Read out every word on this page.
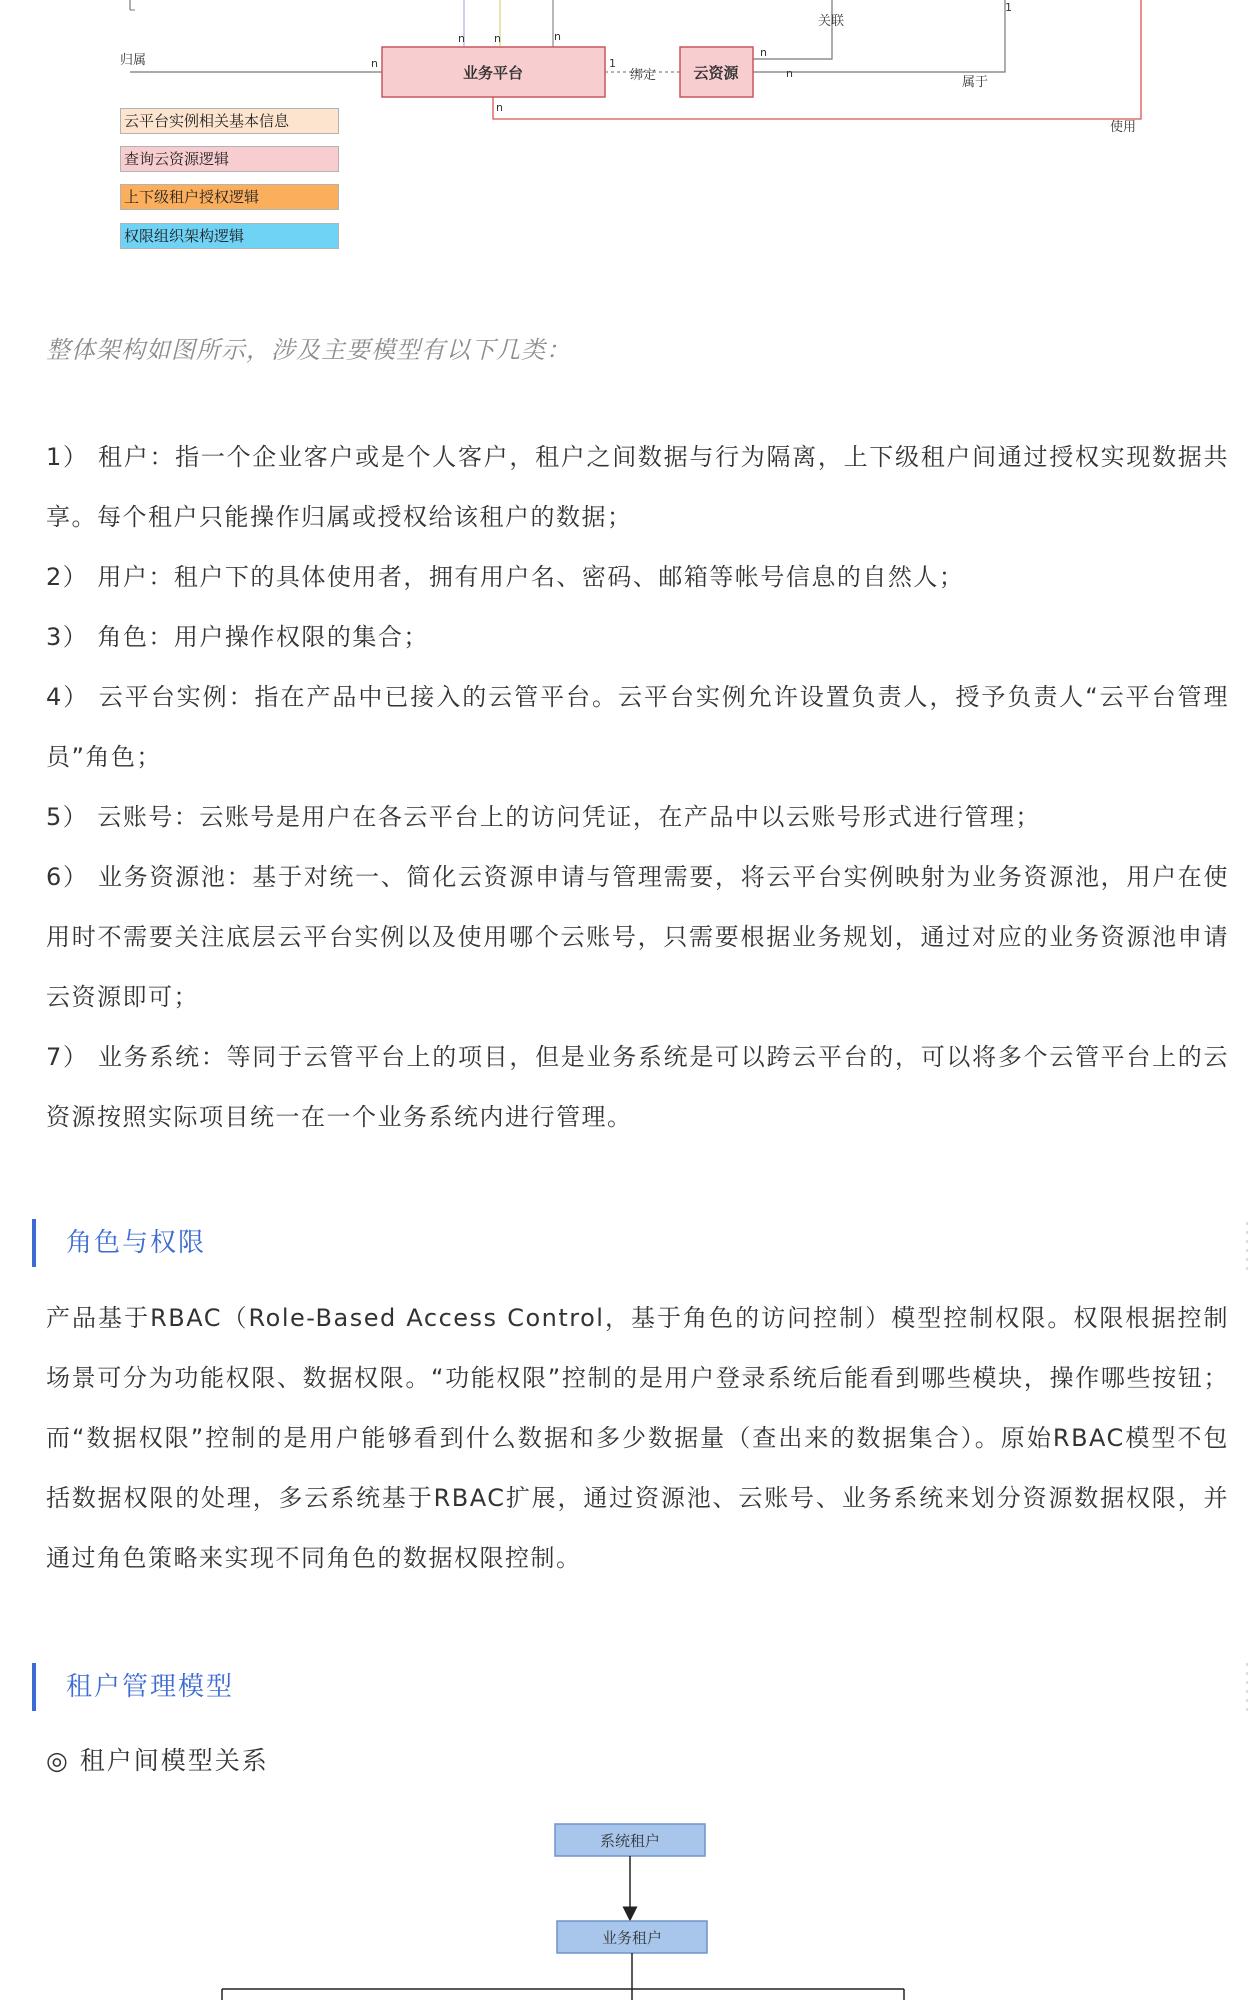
n	n	n
归属	n
业务平台
1
绑定 云资源
n
关联
n
1
属于
n
使用
云平台实例相关基本信息
查询云资源逻辑
上下级租户授权逻辑
权限组织架构逻辑
整体架构如图所示，涉及主要模型有以下几类：

1） 租户：指一个企业客户或是个人客户，租户之间数据与行为隔离，上下级租户间通过授权实现数据共享。每个租户只能操作归属或授权给该租户的数据；

2） 用户：租户下的具体使用者，拥有用户名、密码、邮箱等帐号信息的自然人；

3） 角色：用户操作权限的集合；

4） 云平台实例：指在产品中已接入的云管平台。云平台实例允许设置负责人，授予负责人“云平台管理员”角色；

5） 云账号：云账号是用户在各云平台上的访问凭证，在产品中以云账号形式进行管理；

6） 业务资源池：基于对统一、简化云资源申请与管理需要，将云平台实例映射为业务资源池，用户在使用时不需要关注底层云平台实例以及使用哪个云账号，只需要根据业务规划，通过对应的业务资源池申请云资源即可；

7） 业务系统：等同于云管平台上的项目，但是业务系统是可以跨云平台的，可以将多个云管平台上的云资源按照实际项目统一在一个业务系统内进行管理。

角色与权限
产品基于RBAC（Role-Based Access Control，基于角色的访问控制）模型控制权限。权限根据控制场景可分为功能权限、数据权限。“功能权限”控制的是用户登录系统后能看到哪些模块，操作哪些按钮；而“数据权限”控制的是用户能够看到什么数据和多少数据量（查出来的数据集合）。原始RBAC模型不包括数据权限的处理，多云系统基于RBAC扩展，通过资源池、云账号、业务系统来划分资源数据权限，并通过角色策略来实现不同角色的数据权限控制。
租户管理模型
◎ 租户间模型关系
系统租户
业务租户
